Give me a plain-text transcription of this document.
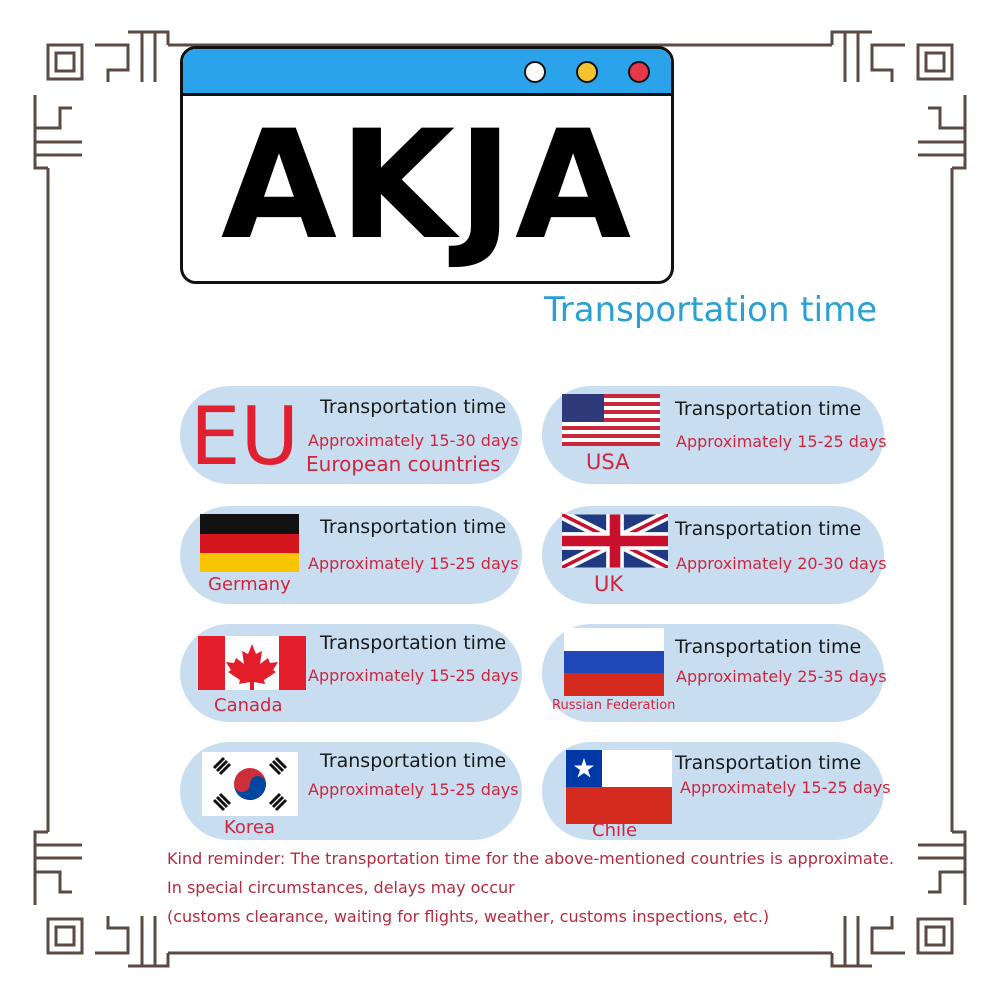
AKJA
Transportation time
EU Transportation time
Approximately 15-30 days
European countries
Transportation time
Approximately 15-25 days
USA
Transportation time
Approximately 15-25 days
Germany
Transportation time
Approximately 20-30 days
UK
Transportation time
Approximately 15-25 days
Canada
Transportation time
Approximately 25-35 days
Russian Federation
Transportation time
Approximately 15-25 days
Korea
Transportation time
Approximately 15-25 days
Chile
Kind reminder: The transportation time for the above-mentioned countries is approximate.
In special circumstances, delays may occur
(customs clearance, waiting for flights, weather, customs inspections, etc.)
